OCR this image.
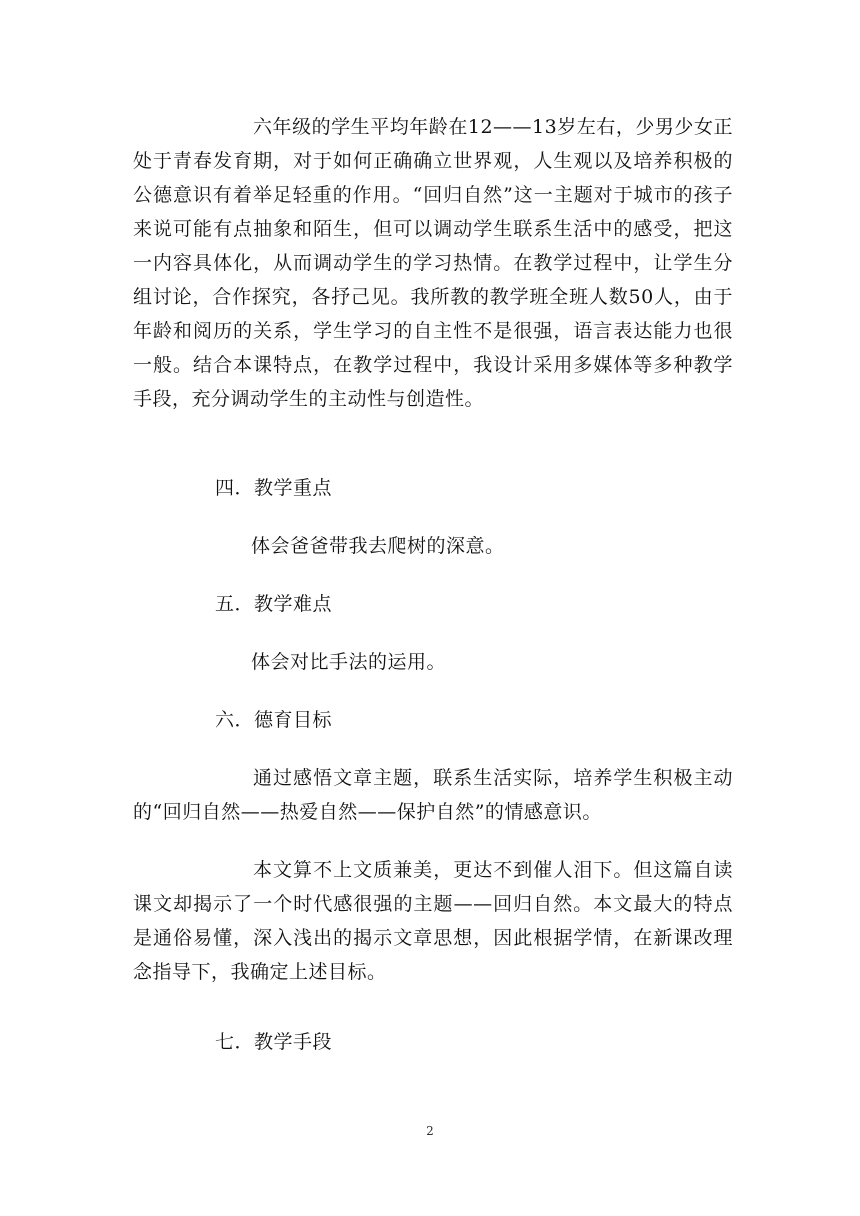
六年级的学生平均年龄在12——13岁左右，少男少女正处于青春发育期，对于如何正确确立世界观，人生观以及培养积极的公德意识有着举足轻重的作用。“回归自然”这一主题对于城市的孩子来说可能有点抽象和陌生，但可以调动学生联系生活中的感受，把这一内容具体化，从而调动学生的学习热情。在教学过程中，让学生分组讨论，合作探究，各抒己见。我所教的教学班全班人数50人，由于年龄和阅历的关系，学生学习的自主性不是很强，语言表达能力也很一般。结合本课特点，在教学过程中，我设计采用多媒体等多种教学手段，充分调动学生的主动性与创造性。

四．教学重点

体会爸爸带我去爬树的深意。

五．教学难点

体会对比手法的运用。

六．德育目标

通过感悟文章主题，联系生活实际，培养学生积极主动的“回归自然——热爱自然——保护自然”的情感意识。

本文算不上文质兼美，更达不到催人泪下。但这篇自读课文却揭示了一个时代感很强的主题——回归自然。本文最大的特点是通俗易懂，深入浅出的揭示文章思想，因此根据学情，在新课改理念指导下，我确定上述目标。

七．教学手段

2
